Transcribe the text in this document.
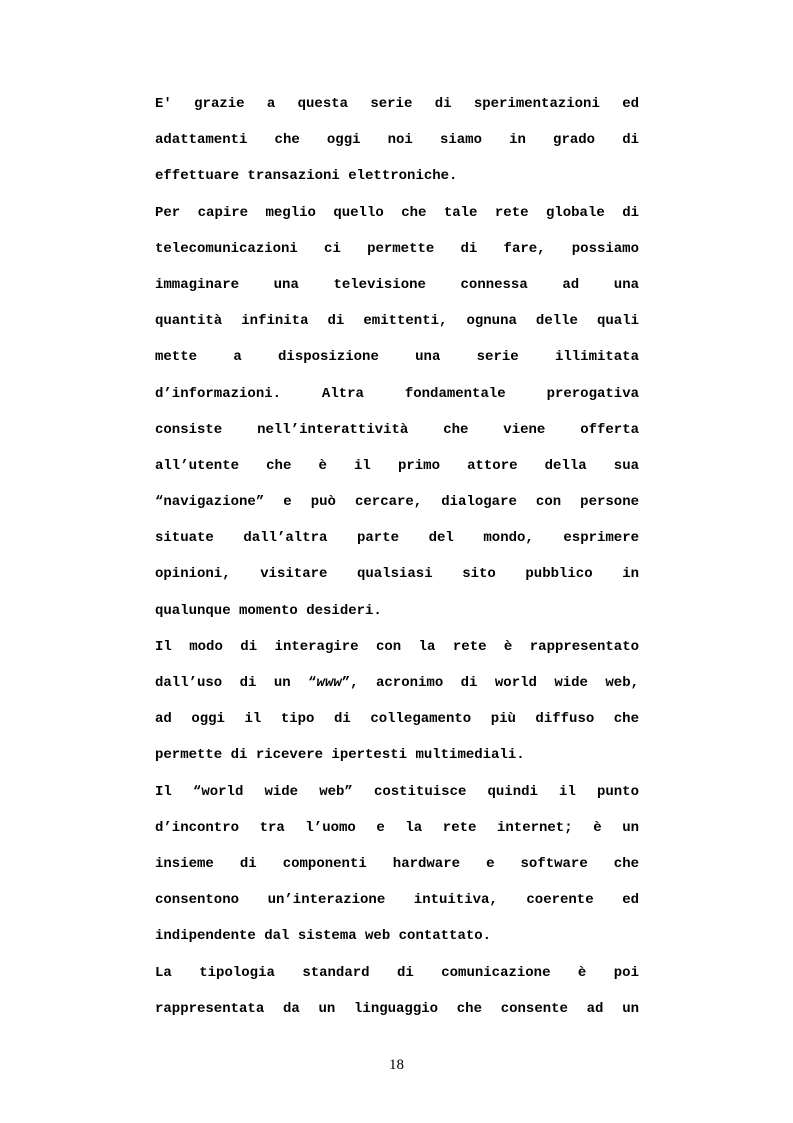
E' grazie a questa serie di sperimentazioni ed
adattamenti che oggi noi siamo in grado di
effettuare transazioni elettroniche.
Per capire meglio quello che tale rete globale di
telecomunicazioni ci permette di fare, possiamo
immaginare una televisione connessa ad una
quantità infinita di emittenti, ognuna delle quali
mette a disposizione una serie illimitata
d’informazioni. Altra fondamentale prerogativa
consiste nell’interattività che viene offerta
all’utente che è il primo attore della sua
“navigazione” e può cercare, dialogare con persone
situate dall’altra parte del mondo, esprimere
opinioni, visitare qualsiasi sito pubblico in
qualunque momento desideri.
Il modo di interagire con la rete è rappresentato
dall’uso di un “www”, acronimo di world wide web,
ad oggi il tipo di collegamento più diffuso che
permette di ricevere ipertesti multimediali.
Il “world wide web” costituisce quindi il punto
d’incontro tra l’uomo e la rete internet; è un
insieme di componenti hardware e software che
consentono un’interazione intuitiva, coerente ed
indipendente dal sistema web contattato.
La tipologia standard di comunicazione è poi
rappresentata da un linguaggio che consente ad un
18
